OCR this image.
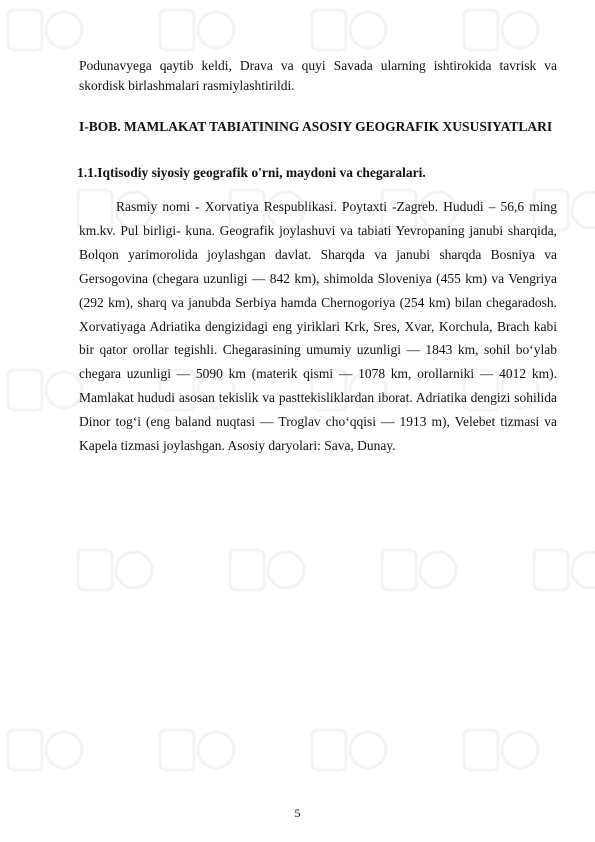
Podunavyega qaytib keldi, Drava va quyi Savada ularning ishtirokida tavrisk va skordisk birlashmalari rasmiylashtirildi.

I-BOB. MAMLAKAT TABIATINING ASOSIY GEOGRAFIK XUSUSIYATLARI
1.1.Iqtisodiy siyosiy geografik o'rni, maydoni va chegaralari.

Rasmiy nomi - Xorvatiya Respublikasi. Poytaxti -Zagreb. Hududi – 56,6 ming km.kv. Pul birligi- kuna. Geografik joylashuvi va tabiati Yevropaning janubi sharqida, Bolqon yarimorolida joylashgan davlat. Sharqda va janubi sharqda Bosniya va Gersogovina (chegara uzunligi — 842 km), shimolda Sloveniya (455 km) va Vengriya (292 km), sharq va janubda Serbiya hamda Chernogoriya (254 km) bilan chegaradosh. Xorvatiyaga Adriatika dengizidagi eng yiriklari Krk, Sres, Xvar, Korchula, Brach kabi bir qator orollar tegishli. Chegarasining umumiy uzunligi — 1843 km, sohil bo‘ylab chegara uzunligi — 5090 km (materik qismi — 1078 km, orollarniki — 4012 km). Mamlakat hududi asosan tekislik va pasttekisliklardan iborat. Adriatika dengizi sohilida Dinor tog‘i (eng baland nuqtasi — Troglav cho‘qqisi — 1913 m), Velebet tizmasi va Kapela tizmasi joylashgan. Asosiy daryolari: Sava, Dunay.

5
